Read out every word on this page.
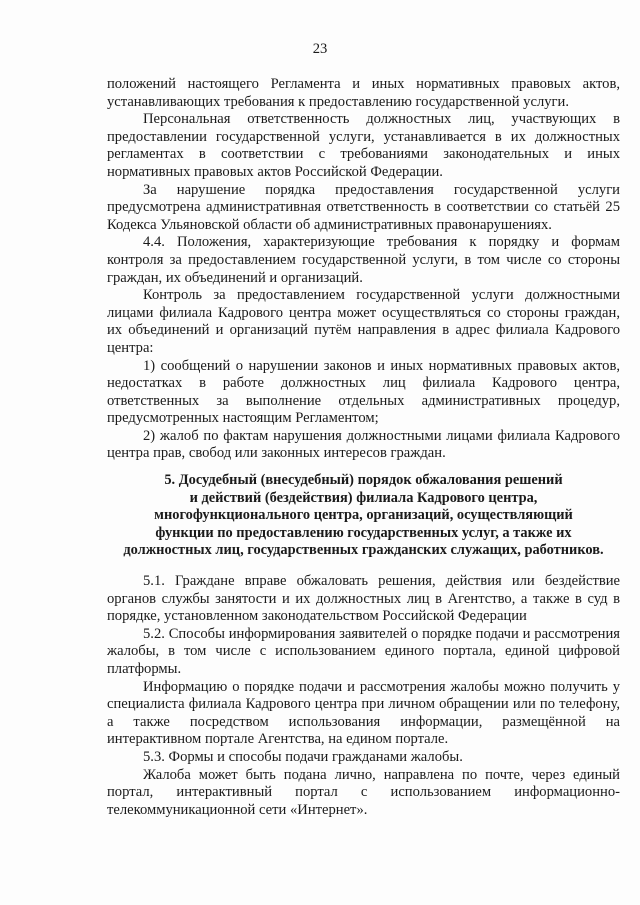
23

положений настоящего Регламента и иных нормативных правовых актов, устанавливающих требования к предоставлению государственной услуги.

Персональная ответственность должностных лиц, участвующих в предоставлении государственной услуги, устанавливается в их должностных регламентах в соответствии с требованиями законодательных и иных нормативных правовых актов Российской Федерации.

За нарушение порядка предоставления государственной услуги предусмотрена административная ответственность в соответствии со статьёй 25 Кодекса Ульяновской области об административных правонарушениях.

4.4. Положения, характеризующие требования к порядку и формам контроля за предоставлением государственной услуги, в том числе со стороны граждан, их объединений и организаций.

Контроль за предоставлением государственной услуги должностными лицами филиала Кадрового центра может осуществляться со стороны граждан, их объединений и организаций путём направления в адрес филиала Кадрового центра:

1) сообщений о нарушении законов и иных нормативных правовых актов, недостатках в работе должностных лиц филиала Кадрового центра, ответственных за выполнение отдельных административных процедур, предусмотренных настоящим Регламентом;

2) жалоб по фактам нарушения должностными лицами филиала Кадрового центра прав, свобод или законных интересов граждан.

5. Досудебный (внесудебный) порядок обжалования решений

и действий (бездействия) филиала Кадрового центра,

многофункционального центра, организаций, осуществляющий

функции по предоставлению государственных услуг, а также их

должностных лиц, государственных гражданских служащих, работников.

5.1. Граждане вправе обжаловать решения, действия или бездействие органов службы занятости и их должностных лиц в Агентство, а также в суд в порядке, установленном законодательством Российской Федерации

5.2. Способы информирования заявителей о порядке подачи и рассмотрения жалобы, в том числе с использованием единого портала, единой цифровой платформы.

Информацию о порядке подачи и рассмотрения жалобы можно получить у специалиста филиала Кадрового центра при личном обращении или по телефону, а также посредством использования информации, размещённой на интерактивном портале Агентства, на едином портале.

5.3. Формы и способы подачи гражданами жалобы.

Жалоба может быть подана лично, направлена по почте, через единый портал, интерактивный портал с использованием информационно-телекоммуникационной сети «Интернет».
